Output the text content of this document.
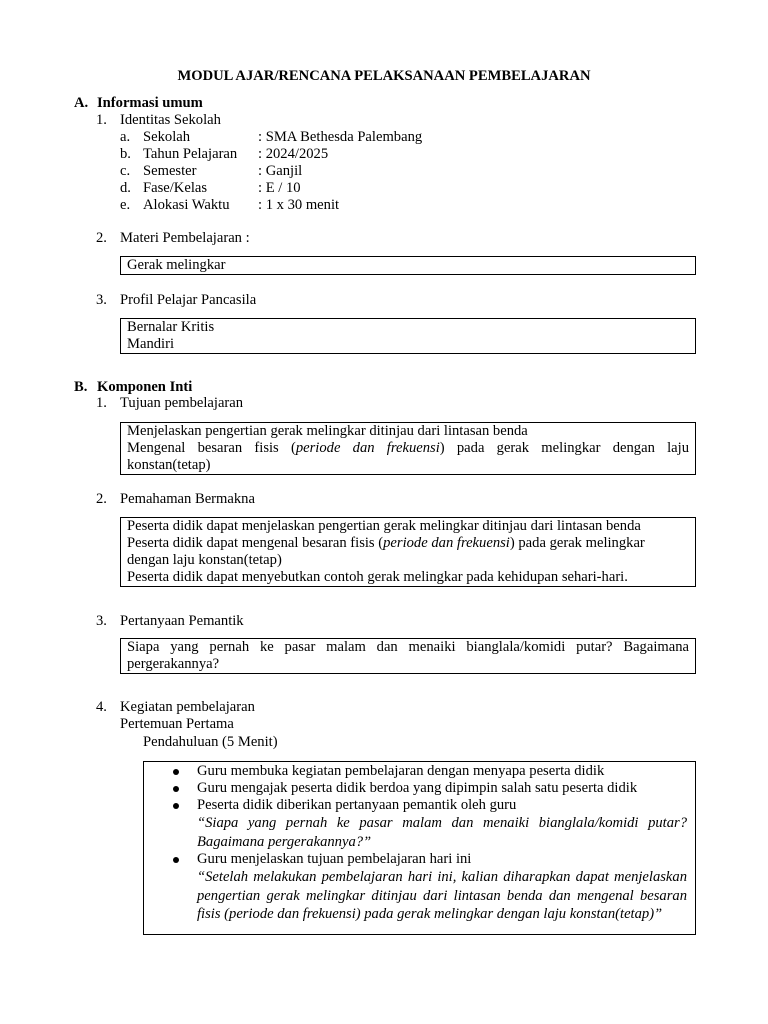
MODUL AJAR/RENCANA PELAKSANAAN PEMBELAJARAN
A. Informasi umum
1. Identitas Sekolah
a. Sekolah	: SMA Bethesda Palembang
b. Tahun Pelajaran : 2024/2025
c. Semester	: Ganjil
d. Fase/Kelas	: E / 10
e. Alokasi Waktu : 1 x 30 menit
2. Materi Pembelajaran :
Gerak melingkar
3. Profil Pelajar Pancasila
Bernalar Kritis
Mandiri
B. Komponen Inti
1. Tujuan pembelajaran
Menjelaskan pengertian gerak melingkar ditinjau dari lintasan benda
Mengenal besaran fisis (periode dan frekuensi) pada gerak melingkar dengan laju
konstan(tetap)
2. Pemahaman Bermakna
Peserta didik dapat menjelaskan pengertian gerak melingkar ditinjau dari lintasan benda
Peserta didik dapat mengenal besaran fisis (periode dan frekuensi) pada gerak melingkar
dengan laju konstan(tetap)
Peserta didik dapat menyebutkan contoh gerak melingkar pada kehidupan sehari-hari.
3. Pertanyaan Pemantik
Siapa yang pernah ke pasar malam dan menaiki bianglala/komidi putar? Bagaimana
pergerakannya?
4. Kegiatan pembelajaran
Pertemuan Pertama
Pendahuluan (5 Menit)
Guru membuka kegiatan pembelajaran dengan menyapa peserta didik
Guru mengajak peserta didik berdoa yang dipimpin salah satu peserta didik
Peserta didik diberikan pertanyaan pemantik oleh guru
“Siapa yang pernah ke pasar malam dan menaiki bianglala/komidi putar? Bagaimana pergerakannya?”
Guru menjelaskan tujuan pembelajaran hari ini
“Setelah melakukan pembelajaran hari ini, kalian diharapkan dapat menjelaskan pengertian gerak melingkar ditinjau dari lintasan benda dan mengenal besaran fisis (periode dan frekuensi) pada gerak melingkar dengan laju konstan(tetap)”
